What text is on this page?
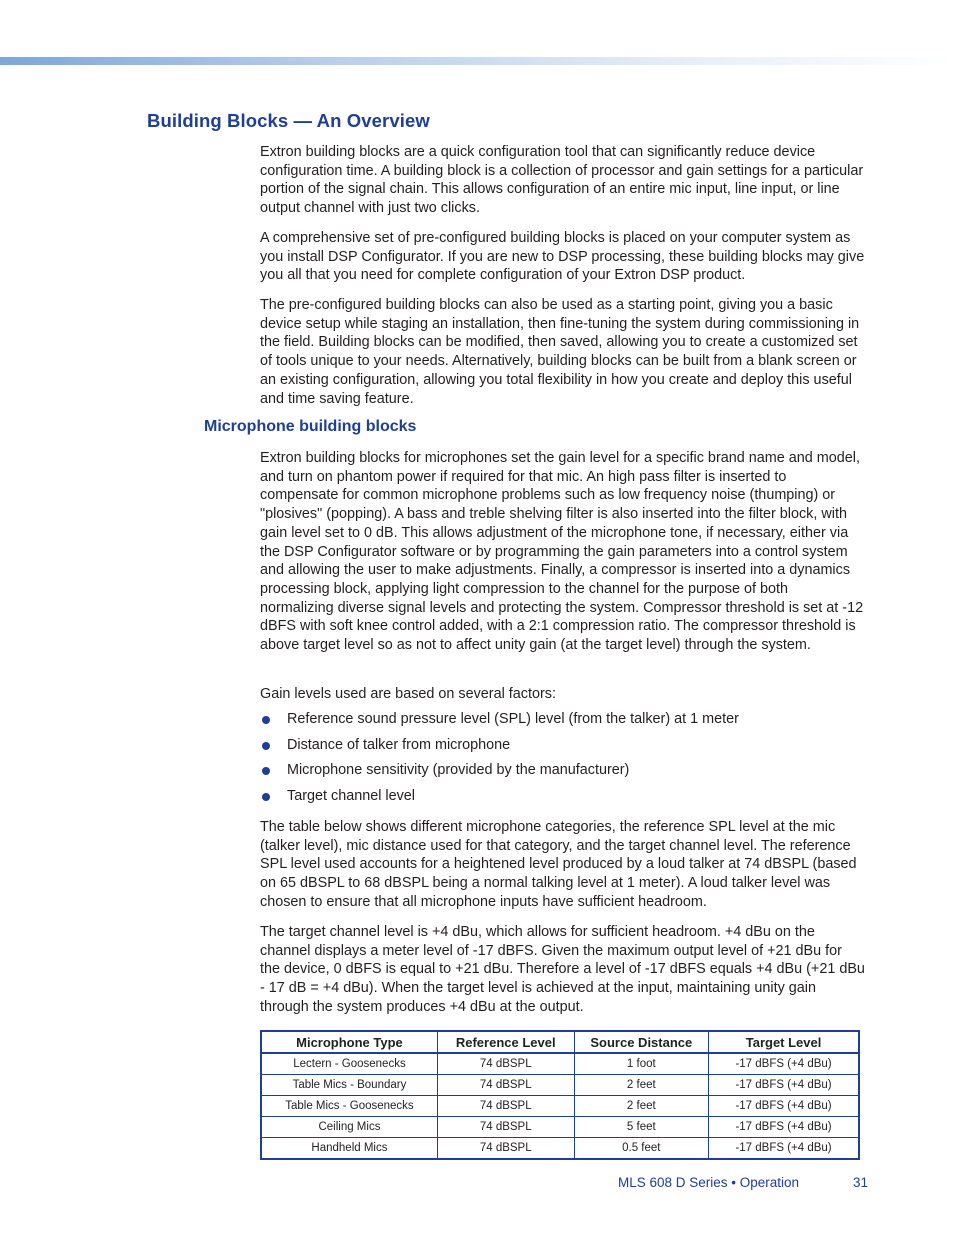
Building Blocks — An Overview

Extron building blocks are a quick configuration tool that can significantly reduce device configuration time. A building block is a collection of processor and gain settings for a particular portion of the signal chain. This allows configuration of an entire mic input, line input, or line output channel with just two clicks.

A comprehensive set of pre-configured building blocks is placed on your computer system as you install DSP Configurator. If you are new to DSP processing, these building blocks may give you all that you need for complete configuration of your Extron DSP product.

The pre-configured building blocks can also be used as a starting point, giving you a basic device setup while staging an installation, then fine-tuning the system during commissioning in the field. Building blocks can be modified, then saved, allowing you to create a customized set of tools unique to your needs. Alternatively, building blocks can be built from a blank screen or an existing configuration, allowing you total flexibility in how you create and deploy this useful and time saving feature.

Microphone building blocks

Extron building blocks for microphones set the gain level for a specific brand name and model, and turn on phantom power if required for that mic. An high pass filter is inserted to compensate for common microphone problems such as low frequency noise (thumping) or "plosives" (popping). A bass and treble shelving filter is also inserted into the filter block, with gain level set to 0 dB. This allows adjustment of the microphone tone, if necessary, either via the DSP Configurator software or by programming the gain parameters into a control system and allowing the user to make adjustments. Finally, a compressor is inserted into a dynamics processing block, applying light compression to the channel for the purpose of both normalizing diverse signal levels and protecting the system. Compressor threshold is set at -12 dBFS with soft knee control added, with a 2:1 compression ratio. The compressor threshold is above target level so as not to affect unity gain (at the target level) through the system.

Gain levels used are based on several factors:

Reference sound pressure level (SPL) level (from the talker) at 1 meter
Distance of talker from microphone
Microphone sensitivity (provided by the manufacturer)
Target channel level

The table below shows different microphone categories, the reference SPL level at the mic (talker level), mic distance used for that category, and the target channel level. The reference SPL level used accounts for a heightened level produced by a loud talker at 74 dBSPL (based on 65 dBSPL to 68 dBSPL being a normal talking level at 1 meter). A loud talker level was chosen to ensure that all microphone inputs have sufficient headroom.

The target channel level is +4 dBu, which allows for sufficient headroom. +4 dBu on the channel displays a meter level of -17 dBFS. Given the maximum output level of +21 dBu for the device, 0 dBFS is equal to +21 dBu. Therefore a level of -17 dBFS equals +4 dBu (+21 dBu - 17 dB = +4 dBu). When the target level is achieved at the input, maintaining unity gain through the system produces +4 dBu at the output.

Microphone Type	Reference Level	Source Distance	Target Level
Lectern - Goosenecks	74 dBSPL	1 foot	-17 dBFS (+4 dBu)
Table Mics - Boundary	74 dBSPL	2 feet	-17 dBFS (+4 dBu)
Table Mics - Goosenecks	74 dBSPL	2 feet	-17 dBFS (+4 dBu)
Ceiling Mics	74 dBSPL	5 feet	-17 dBFS (+4 dBu)
Handheld Mics	74 dBSPL	0.5 feet	-17 dBFS (+4 dBu)
MLS 608 D Series • Operation	31
